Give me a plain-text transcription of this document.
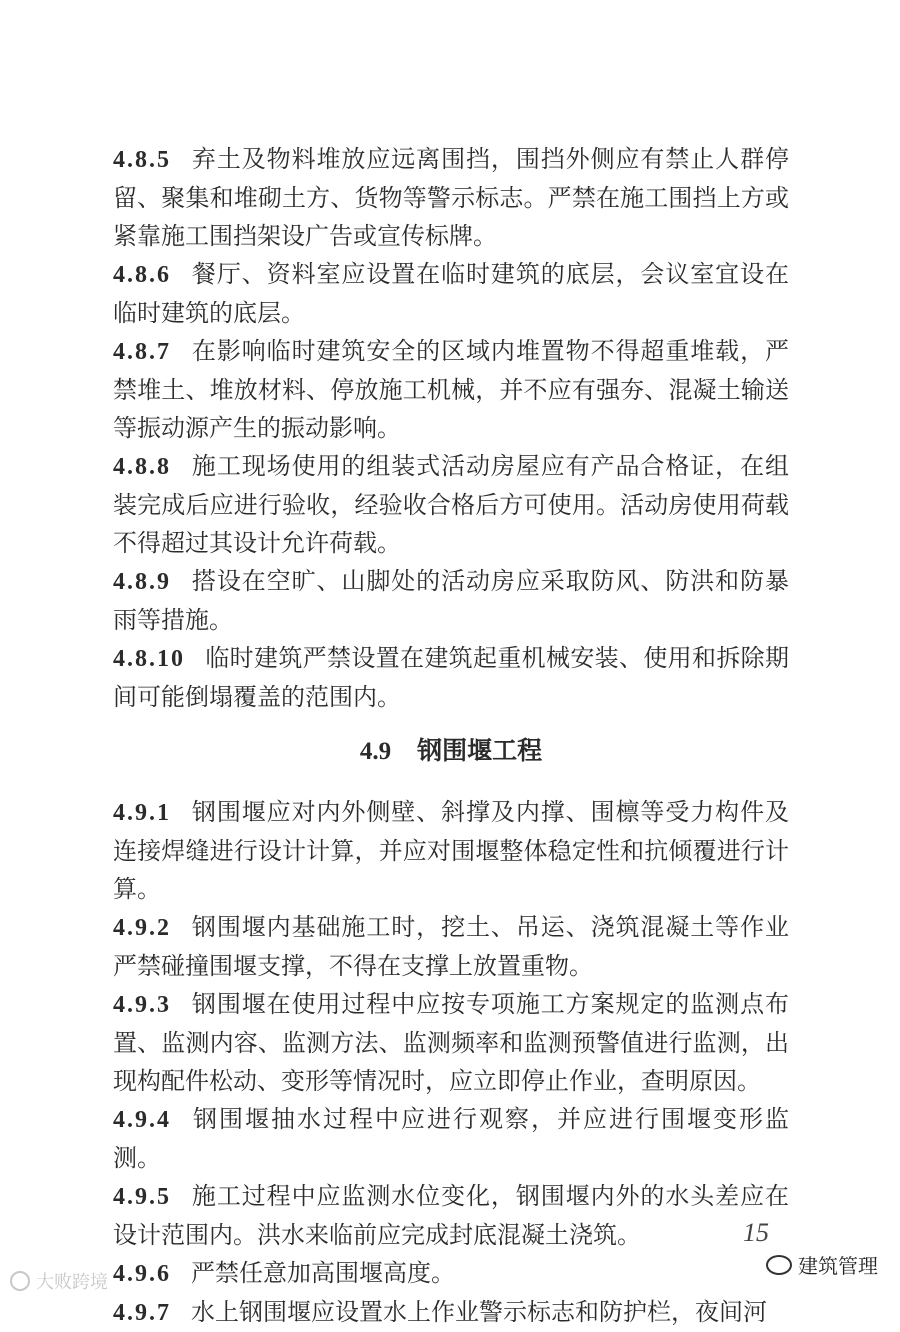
4.8.5 弃土及物料堆放应远离围挡，围挡外侧应有禁止人群停留、聚集和堆砌土方、货物等警示标志。严禁在施工围挡上方或紧靠施工围挡架设广告或宣传标牌。

4.8.6 餐厅、资料室应设置在临时建筑的底层，会议室宜设在临时建筑的底层。

4.8.7 在影响临时建筑安全的区域内堆置物不得超重堆载，严禁堆土、堆放材料、停放施工机械，并不应有强夯、混凝土输送等振动源产生的振动影响。

4.8.8 施工现场使用的组装式活动房屋应有产品合格证，在组装完成后应进行验收，经验收合格后方可使用。活动房使用荷载不得超过其设计允许荷载。

4.8.9 搭设在空旷、山脚处的活动房应采取防风、防洪和防暴雨等措施。

4.8.10 临时建筑严禁设置在建筑起重机械安装、使用和拆除期间可能倒塌覆盖的范围内。

4.9 钢围堰工程

4.9.1 钢围堰应对内外侧壁、斜撑及内撑、围檩等受力构件及连接焊缝进行设计计算，并应对围堰整体稳定性和抗倾覆进行计算。

4.9.2 钢围堰内基础施工时，挖土、吊运、浇筑混凝土等作业严禁碰撞围堰支撑，不得在支撑上放置重物。

4.9.3 钢围堰在使用过程中应按专项施工方案规定的监测点布置、监测内容、监测方法、监测频率和监测预警值进行监测，出现构配件松动、变形等情况时，应立即停止作业，查明原因。

4.9.4 钢围堰抽水过程中应进行观察，并应进行围堰变形监测。

4.9.5 施工过程中应监测水位变化，钢围堰内外的水头差应在设计范围内。洪水来临前应完成封底混凝土浇筑。

4.9.6 严禁任意加高围堰高度。

4.9.7 水上钢围堰应设置水上作业警示标志和防护栏，夜间河

15
建筑管理
大败跨境
